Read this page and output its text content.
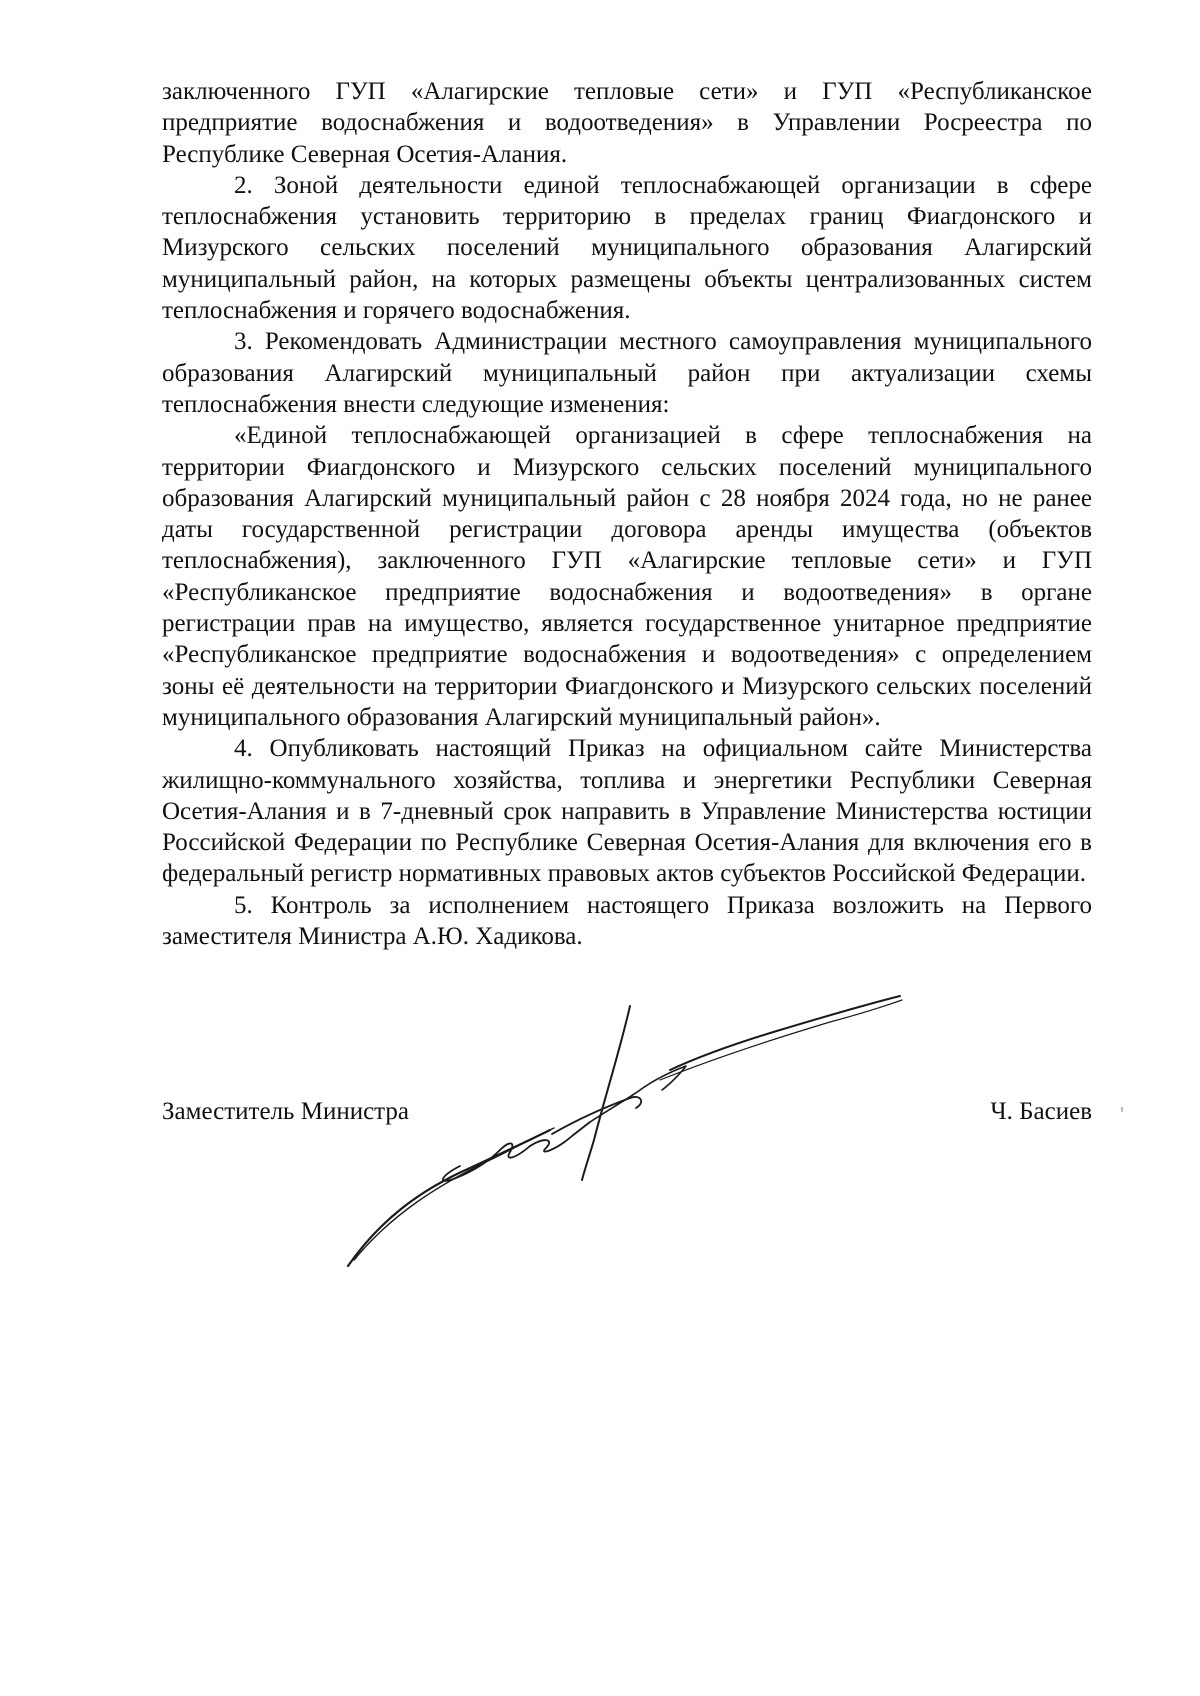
заключенного ГУП «Алагирские тепловые сети» и ГУП «Республиканское предприятие водоснабжения и водоотведения» в Управлении Росреестра по Республике Северная Осетия-Алания.

2. Зоной деятельности единой теплоснабжающей организации в сфере теплоснабжения установить территорию в пределах границ Фиагдонского и Мизурского сельских поселений муниципального образования Алагирский муниципальный район, на которых размещены объекты централизованных систем теплоснабжения и горячего водоснабжения.

3. Рекомендовать Администрации местного самоуправления муниципального образования Алагирский муниципальный район при актуализации схемы теплоснабжения внести следующие изменения:

«Единой теплоснабжающей организацией в сфере теплоснабжения на территории Фиагдонского и Мизурского сельских поселений муниципального образования Алагирский муниципальный район с 28 ноября 2024 года, но не ранее даты государственной регистрации договора аренды имущества (объектов теплоснабжения), заключенного ГУП «Алагирские тепловые сети» и ГУП «Республиканское предприятие водоснабжения и водоотведения» в органе регистрации прав на имущество, является государственное унитарное предприятие «Республиканское предприятие водоснабжения и водоотведения» с определением зоны её деятельности на территории Фиагдонского и Мизурского сельских поселений муниципального образования Алагирский муниципальный район».

4. Опубликовать настоящий Приказ на официальном сайте Министерства жилищно-коммунального хозяйства, топлива и энергетики Республики Северная Осетия-Алания и в 7-дневный срок направить в Управление Министерства юстиции Российской Федерации по Республике Северная Осетия-Алания для включения его в федеральный регистр нормативных правовых актов субъектов Российской Федерации.

5. Контроль за исполнением настоящего Приказа возложить на Первого заместителя Министра А.Ю. Хадикова.

Заместитель Министра	Ч. Басиев
